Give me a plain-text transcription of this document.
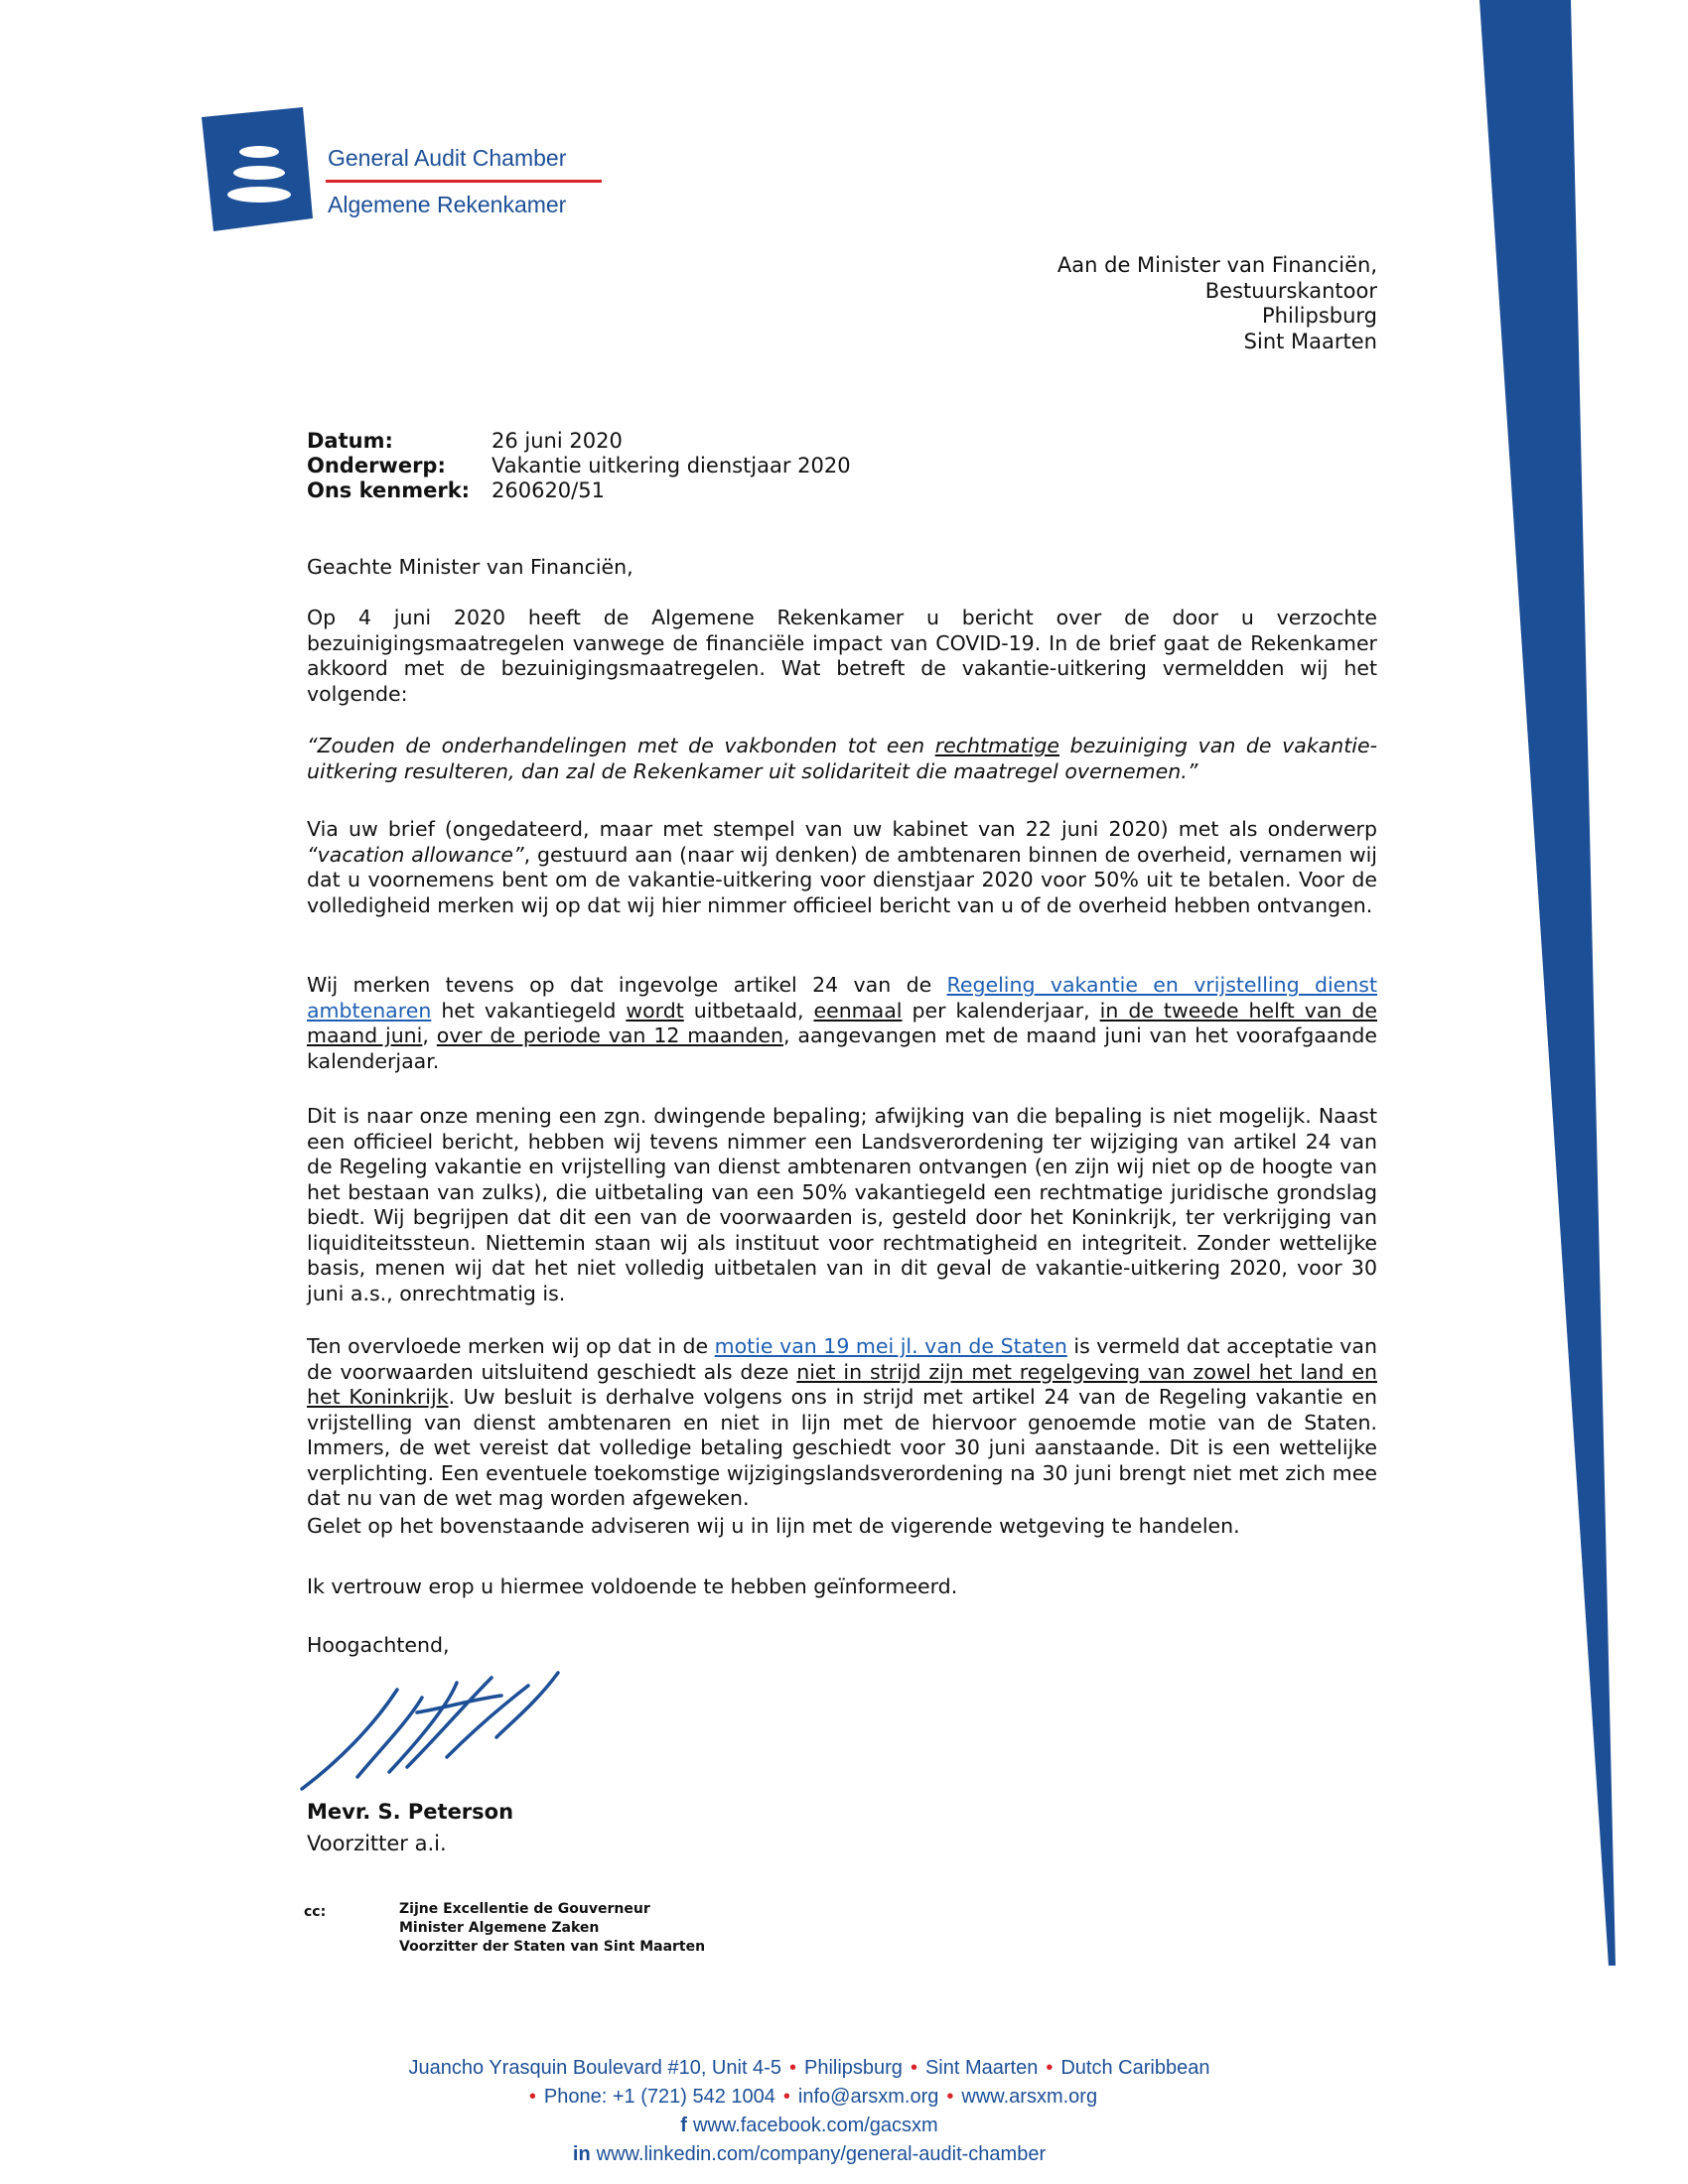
General Audit Chamber
Algemene Rekenkamer
Aan de Minister van Financiën,
Bestuurskantoor
Philipsburg
Sint Maarten
Datum:	26 juni 2020
Onderwerp:	Vakantie uitkering dienstjaar 2020
Ons kenmerk:	260620/51
Geachte Minister van Financiën,

Op 4 juni 2020 heeft de Algemene Rekenkamer u bericht over de door u verzochte bezuinigingsmaatregelen vanwege de financiële impact van COVID-19. In de brief gaat de Rekenkamer akkoord met de bezuinigingsmaatregelen. Wat betreft de vakantie-uitkering vermeldden wij het volgende:

“Zouden de onderhandelingen met de vakbonden tot een rechtmatige bezuiniging van de vakantie-uitkering resulteren, dan zal de Rekenkamer uit solidariteit die maatregel overnemen.”

Via uw brief (ongedateerd, maar met stempel van uw kabinet van 22 juni 2020) met als onderwerp “vacation allowance”, gestuurd aan (naar wij denken) de ambtenaren binnen de overheid, vernamen wij dat u voornemens bent om de vakantie-uitkering voor dienstjaar 2020 voor 50% uit te betalen. Voor de volledigheid merken wij op dat wij hier nimmer officieel bericht van u of de overheid hebben ontvangen.

Wij merken tevens op dat ingevolge artikel 24 van de Regeling vakantie en vrijstelling dienst ambtenaren het vakantiegeld wordt uitbetaald, eenmaal per kalenderjaar, in de tweede helft van de maand juni, over de periode van 12 maanden, aangevangen met de maand juni van het voorafgaande kalenderjaar.

Dit is naar onze mening een zgn. dwingende bepaling; afwijking van die bepaling is niet mogelijk. Naast een officieel bericht, hebben wij tevens nimmer een Landsverordening ter wijziging van artikel 24 van de Regeling vakantie en vrijstelling van dienst ambtenaren ontvangen (en zijn wij niet op de hoogte van het bestaan van zulks), die uitbetaling van een 50% vakantiegeld een rechtmatige juridische grondslag biedt. Wij begrijpen dat dit een van de voorwaarden is, gesteld door het Koninkrijk, ter verkrijging van liquiditeitssteun. Niettemin staan wij als instituut voor rechtmatigheid en integriteit. Zonder wettelijke basis, menen wij dat het niet volledig uitbetalen van in dit geval de vakantie-uitkering 2020, voor 30 juni a.s., onrechtmatig is.

Ten overvloede merken wij op dat in de motie van 19 mei jl. van de Staten is vermeld dat acceptatie van de voorwaarden uitsluitend geschiedt als deze niet in strijd zijn met regelgeving van zowel het land en het Koninkrijk. Uw besluit is derhalve volgens ons in strijd met artikel 24 van de Regeling vakantie en vrijstelling van dienst ambtenaren en niet in lijn met de hiervoor genoemde motie van de Staten. Immers, de wet vereist dat volledige betaling geschiedt voor 30 juni aanstaande. Dit is een wettelijke verplichting. Een eventuele toekomstige wijzigingslandsverordening na 30 juni brengt niet met zich mee dat nu van de wet mag worden afgeweken.

Gelet op het bovenstaande adviseren wij u in lijn met de vigerende wetgeving te handelen.

Ik vertrouw erop u hiermee voldoende te hebben geïnformeerd.
Hoogachtend,
Mevr. S. Peterson
Voorzitter a.i.
cc:	Zijne Excellentie de Gouverneur
Minister Algemene Zaken
Voorzitter der Staten van Sint Maarten
Juancho Yrasquin Boulevard #10, Unit 4-5 • Philipsburg • Sint Maarten • Dutch Caribbean
• Phone: +1 (721) 542 1004 • info@arsxm.org • www.arsxm.org
f www.facebook.com/gacsxm
in www.linkedin.com/company/general-audit-chamber
